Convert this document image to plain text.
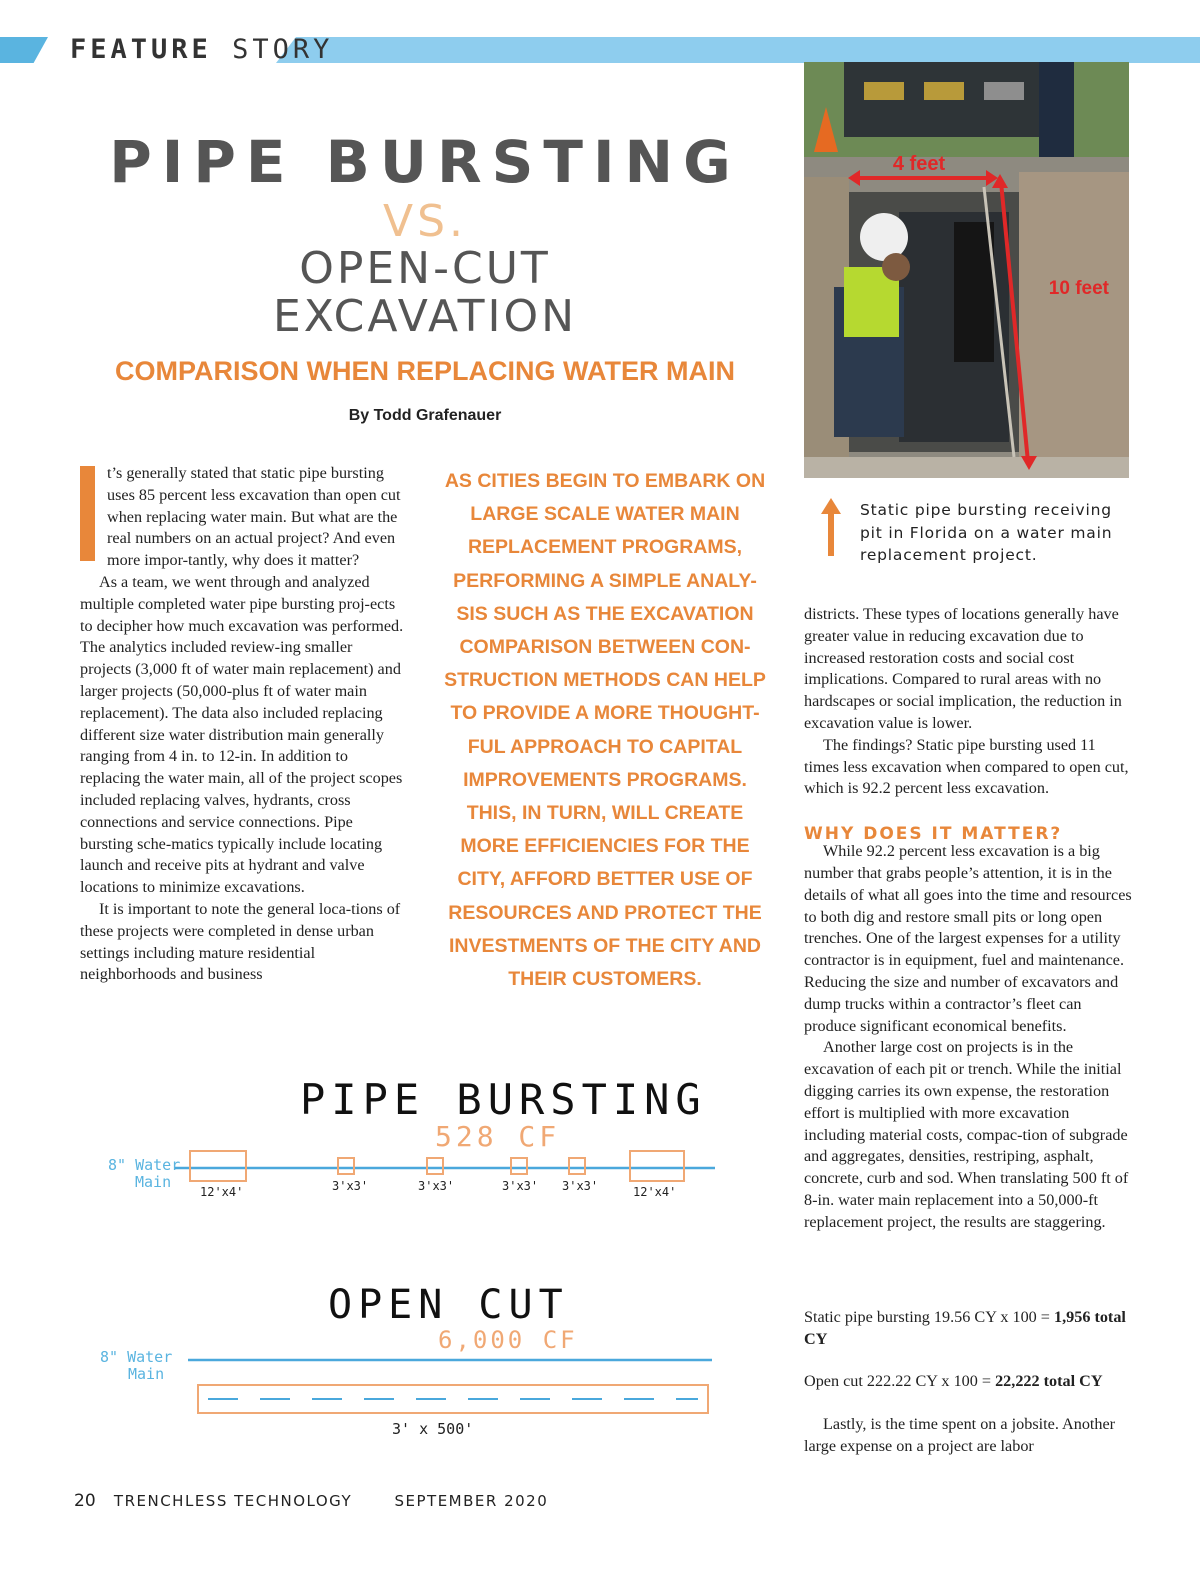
FEATURE STORY
PIPE BURSTING
VS.
OPEN-CUT
EXCAVATION
COMPARISON WHEN REPLACING WATER MAIN
By Todd Grafenauer

t’s generally stated that static pipe bursting uses 85 percent less excavation than open cut when replacing water main. But what are the real numbers on an actual project? And even more impor-tantly, why does it matter?

As a team, we went through and analyzed multiple completed water pipe bursting proj-ects to decipher how much excavation was performed. The analytics included review-ing smaller projects (3,000 ft of water main replacement) and larger projects (50,000-plus ft of water main replacement). The data also included replacing different size water distribution main generally ranging from 4 in. to 12-in. In addition to replacing the water main, all of the project scopes included replacing valves, hydrants, cross connections and service connections. Pipe bursting sche-matics typically include locating launch and receive pits at hydrant and valve locations to minimize excavations.

It is important to note the general loca-tions of these projects were completed in dense urban settings including mature residential neighborhoods and business

AS CITIES BEGIN TO EMBARK ON LARGE SCALE WATER MAIN REPLACEMENT PROGRAMS, PERFORMING A SIMPLE ANALY-SIS SUCH AS THE EXCAVATION COMPARISON BETWEEN CON-STRUCTION METHODS CAN HELP TO PROVIDE A MORE THOUGHT-FUL APPROACH TO CAPITAL IMPROVEMENTS PROGRAMS. THIS, IN TURN, WILL CREATE MORE EFFICIENCIES FOR THE CITY, AFFORD BETTER USE OF RESOURCES AND PROTECT THE INVESTMENTS OF THE CITY AND THEIR CUSTOMERS.
4 feet
10 feet
Static pipe bursting receiving pit in Florida on a water main replacement project.

districts. These types of locations generally have greater value in reducing excavation due to increased restoration costs and social cost implications. Compared to rural areas with no hardscapes or social implication, the reduction in excavation value is lower.

The findings? Static pipe bursting used 11 times less excavation when compared to open cut, which is 92.2 percent less excavation.

While 92.2 percent less excavation is a big number that grabs people’s attention, it is in the details of what all goes into the time and resources to both dig and restore small pits or long open trenches. One of the largest expenses for a utility contractor is in equipment, fuel and maintenance. Reducing the size and number of excavators and dump trucks within a contractor’s fleet can produce significant economical benefits.

Another large cost on projects is in the excavation of each pit or trench. While the initial digging carries its own expense, the restoration effort is multiplied with more excavation including material costs, compac-tion of subgrade and aggregates, densities, restriping, asphalt, concrete, curb and sod. When translating 500 ft of 8-in. water main replacement into a 50,000-ft replacement project, the results are staggering.

WHY DOES IT MATTER?
Static pipe bursting 19.56 CY x 100 = 1,956 total CY
Open cut 222.22 CY x 100 = 22,222 total CY

Lastly, is the time spent on a jobsite. Another large expense on a project are labor

PIPE BURSTING
528 CF
8" Water
Main
12'x4'	3'x3'	3'x3'	3'x3' 3'x3'	12'x4'
OPEN CUT
6,000 CF
8" Water
Main
3' x 500'
20 TRENCHLESS TECHNOLOGY	SEPTEMBER 2020
